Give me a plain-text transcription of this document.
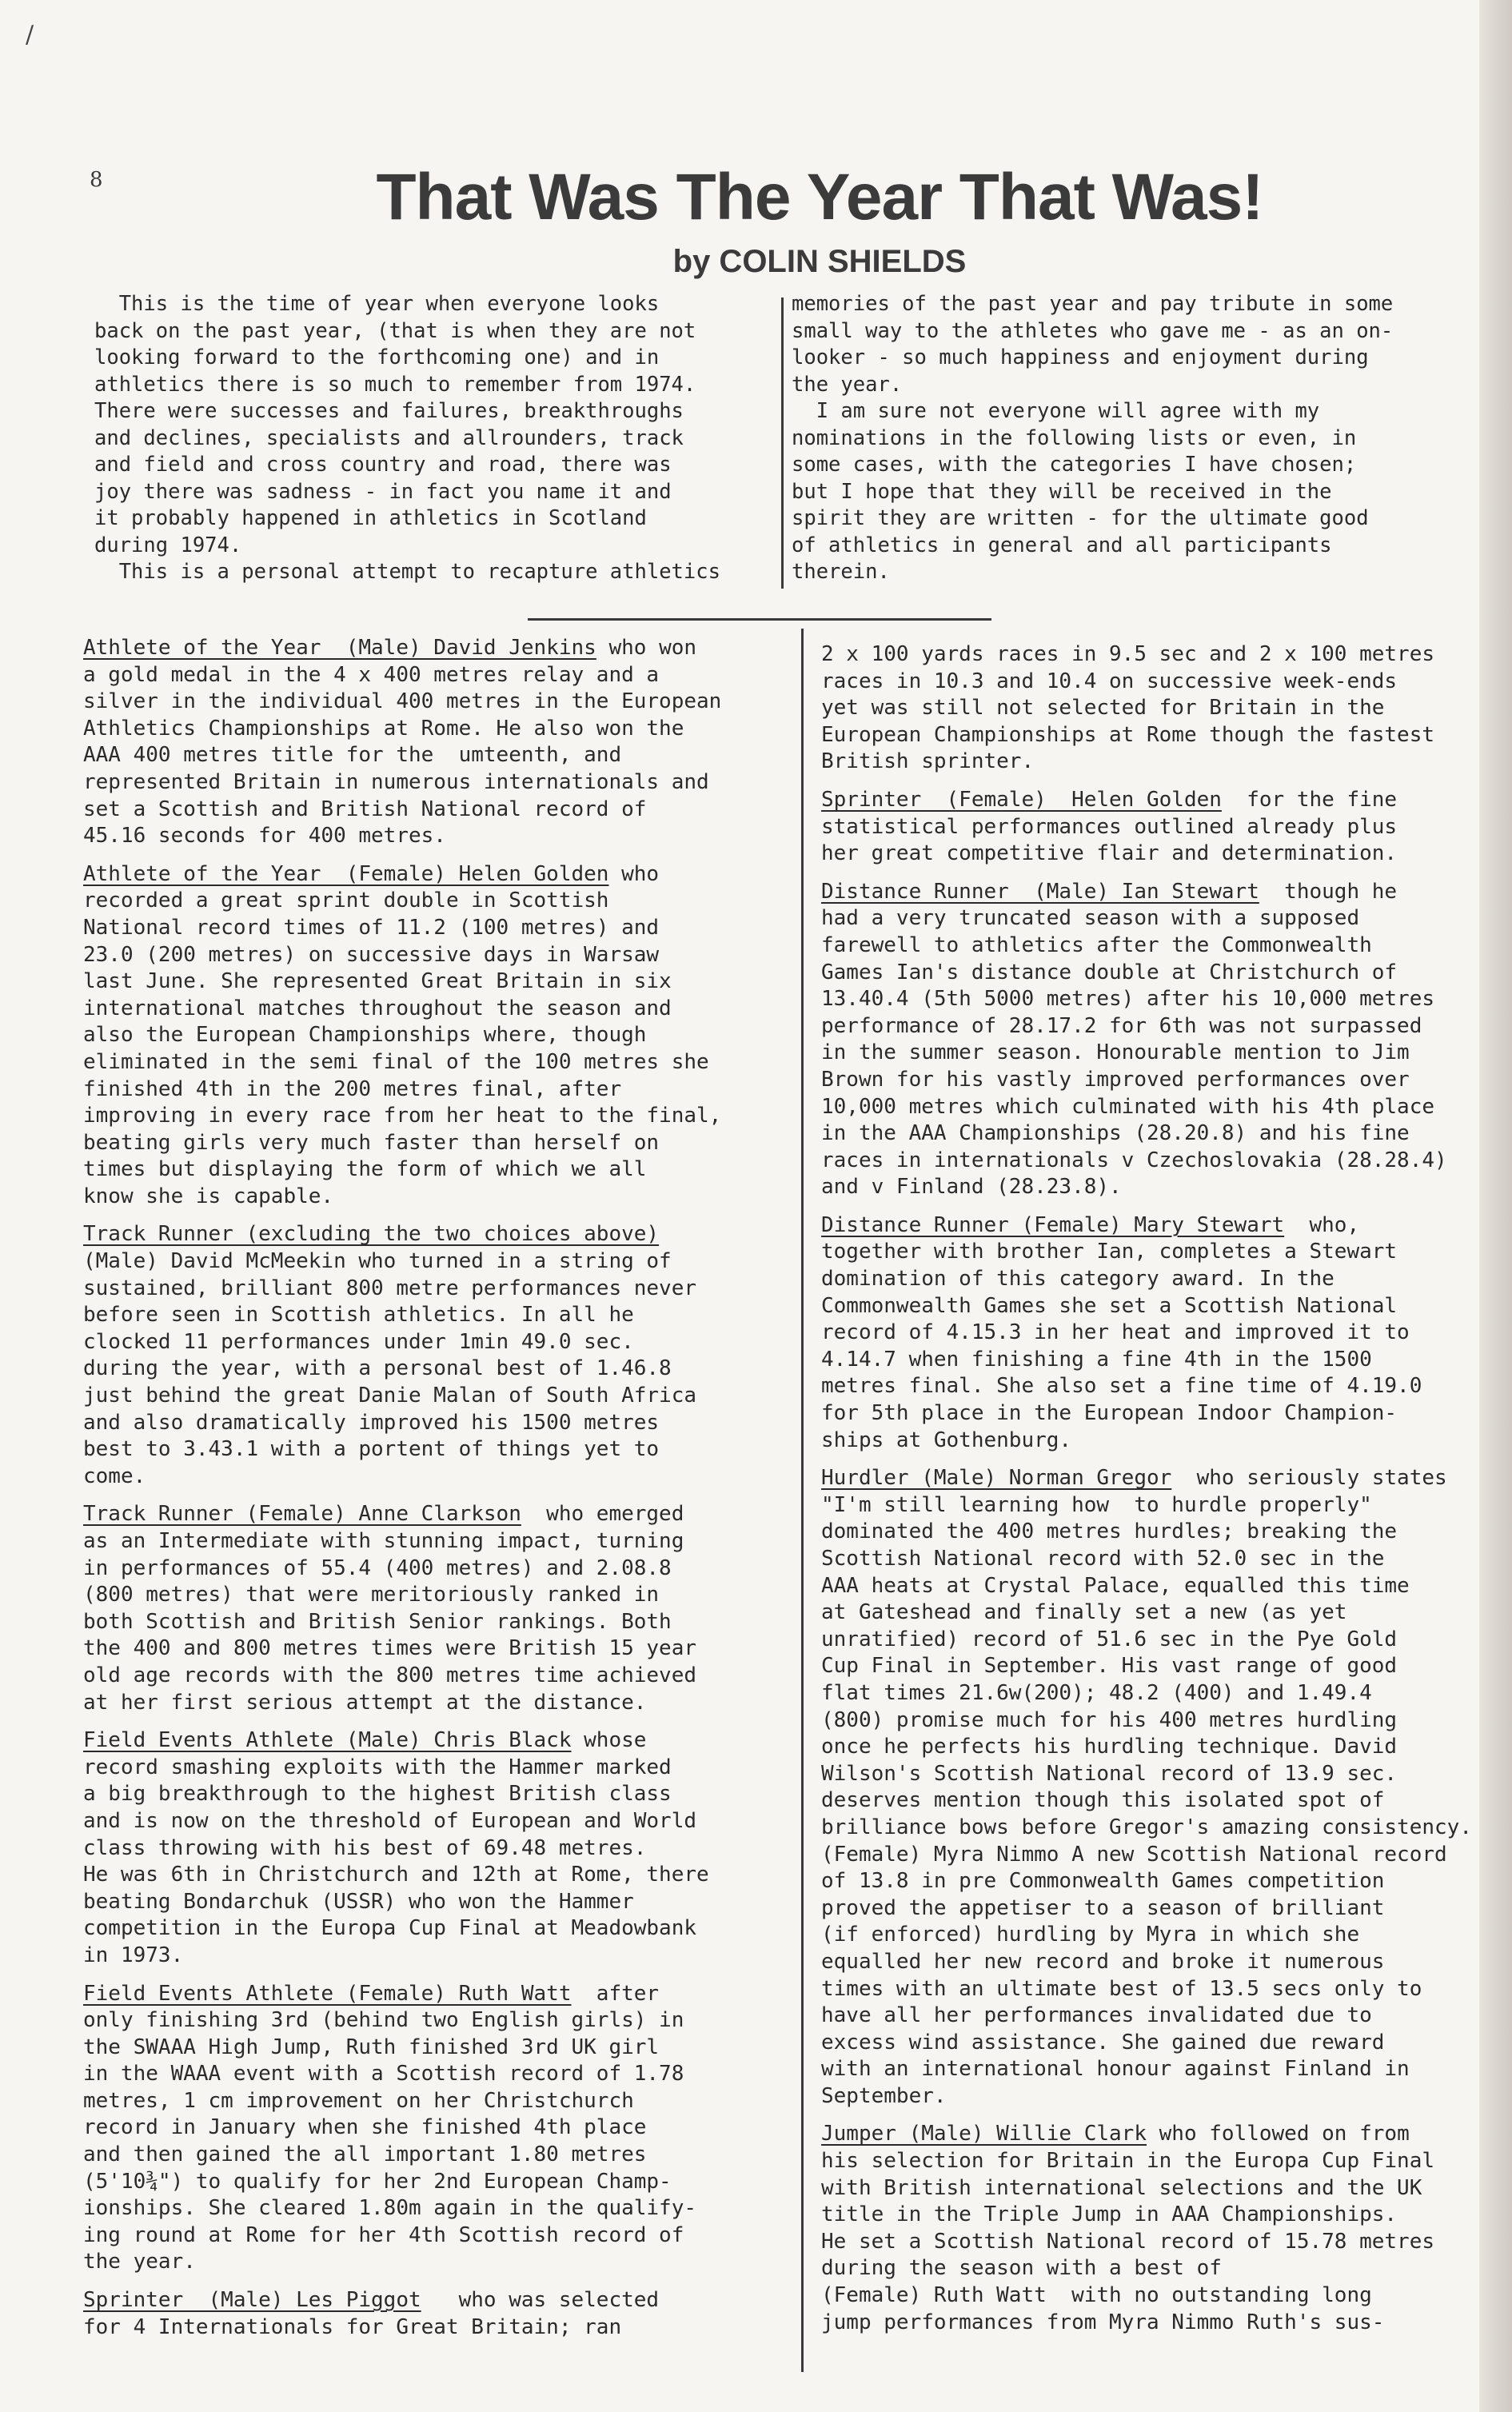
/
8	That Was The Year That Was!
by COLIN SHIELDS

This is the time of year when everyone looks

back on the past year, (that is when they are not

looking forward to the forthcoming one) and in

athletics there is so much to remember from 1974.

There were successes and failures, breakthroughs

and declines, specialists and allrounders, track

and field and cross country and road, there was

joy there was sadness - in fact you name it and

it probably happened in athletics in Scotland

during 1974.

This is a personal attempt to recapture athletics

memories of the past year and pay tribute in some

small way to the athletes who gave me - as an on-

looker - so much happiness and enjoyment during

the year.

I am sure not everyone will agree with my

nominations in the following lists or even, in

some cases, with the categories I have chosen;

but I hope that they will be received in the

spirit they are written - for the ultimate good

of athletics in general and all participants

therein.

Athlete of the Year  (Male) David Jenkins who won

a gold medal in the 4 x 400 metres relay and a

silver in the individual 400 metres in the European

Athletics Championships at Rome. He also won the

AAA 400 metres title for the  umteenth, and

represented Britain in numerous internationals and

set a Scottish and British National record of

45.16 seconds for 400 metres.

Athlete of the Year  (Female) Helen Golden who

recorded a great sprint double in Scottish

National record times of 11.2 (100 metres) and

23.0 (200 metres) on successive days in Warsaw

last June. She represented Great Britain in six

international matches throughout the season and

also the European Championships where, though

eliminated in the semi final of the 100 metres she

finished 4th in the 200 metres final, after

improving in every race from her heat to the final,

beating girls very much faster than herself on

times but displaying the form of which we all

know she is capable.

Track Runner (excluding the two choices above)

(Male) David McMeekin who turned in a string of

sustained, brilliant 800 metre performances never

before seen in Scottish athletics. In all he

clocked 11 performances under 1min 49.0 sec.

during the year, with a personal best of 1.46.8

just behind the great Danie Malan of South Africa

and also dramatically improved his 1500 metres

best to 3.43.1 with a portent of things yet to

come.

Track Runner (Female) Anne Clarkson  who emerged

as an Intermediate with stunning impact, turning

in performances of 55.4 (400 metres) and 2.08.8

(800 metres) that were meritoriously ranked in

both Scottish and British Senior rankings. Both

the 400 and 800 metres times were British 15 year

old age records with the 800 metres time achieved

at her first serious attempt at the distance.

Field Events Athlete (Male) Chris Black whose

record smashing exploits with the Hammer marked

a big breakthrough to the highest British class

and is now on the threshold of European and World

class throwing with his best of 69.48 metres.

He was 6th in Christchurch and 12th at Rome, there

beating Bondarchuk (USSR) who won the Hammer

competition in the Europa Cup Final at Meadowbank

in 1973.

Field Events Athlete (Female) Ruth Watt  after

only finishing 3rd (behind two English girls) in

the SWAAA High Jump, Ruth finished 3rd UK girl

in the WAAA event with a Scottish record of 1.78

metres, 1 cm improvement on her Christchurch

record in January when she finished 4th place

and then gained the all important 1.80 metres

(5'10¾") to qualify for her 2nd European Champ-

ionships. She cleared 1.80m again in the qualify-

ing round at Rome for her 4th Scottish record of

the year.

Sprinter  (Male) Les Piggot   who was selected

for 4 Internationals for Great Britain; ran

2 x 100 yards races in 9.5 sec and 2 x 100 metres

races in 10.3 and 10.4 on successive week-ends

yet was still not selected for Britain in the

European Championships at Rome though the fastest

British sprinter.

Sprinter  (Female)  Helen Golden  for the fine

statistical performances outlined already plus

her great competitive flair and determination.

Distance Runner  (Male) Ian Stewart  though he

had a very truncated season with a supposed

farewell to athletics after the Commonwealth

Games Ian's distance double at Christchurch of

13.40.4 (5th 5000 metres) after his 10,000 metres

performance of 28.17.2 for 6th was not surpassed

in the summer season. Honourable mention to Jim

Brown for his vastly improved performances over

10,000 metres which culminated with his 4th place

in the AAA Championships (28.20.8) and his fine

races in internationals v Czechoslovakia (28.28.4)

and v Finland (28.23.8).

Distance Runner (Female) Mary Stewart  who,

together with brother Ian, completes a Stewart

domination of this category award. In the

Commonwealth Games she set a Scottish National

record of 4.15.3 in her heat and improved it to

4.14.7 when finishing a fine 4th in the 1500

metres final. She also set a fine time of 4.19.0

for 5th place in the European Indoor Champion-

ships at Gothenburg.

Hurdler (Male) Norman Gregor  who seriously states

"I'm still learning how  to hurdle properly"

dominated the 400 metres hurdles; breaking the

Scottish National record with 52.0 sec in the

AAA heats at Crystal Palace, equalled this time

at Gateshead and finally set a new (as yet

unratified) record of 51.6 sec in the Pye Gold

Cup Final in September. His vast range of good

flat times 21.6w(200); 48.2 (400) and 1.49.4

(800) promise much for his 400 metres hurdling

once he perfects his hurdling technique. David

Wilson's Scottish National record of 13.9 sec.

deserves mention though this isolated spot of

brilliance bows before Gregor's amazing consistency.

(Female) Myra Nimmo A new Scottish National record

of 13.8 in pre Commonwealth Games competition

proved the appetiser to a season of brilliant

(if enforced) hurdling by Myra in which she

equalled her new record and broke it numerous

times with an ultimate best of 13.5 secs only to

have all her performances invalidated due to

excess wind assistance. She gained due reward

with an international honour against Finland in

September.

Jumper (Male) Willie Clark who followed on from

his selection for Britain in the Europa Cup Final

with British international selections and the UK

title in the Triple Jump in AAA Championships.

He set a Scottish National record of 15.78 metres

during the season with a best of

(Female) Ruth Watt  with no outstanding long

jump performances from Myra Nimmo Ruth's sus-
